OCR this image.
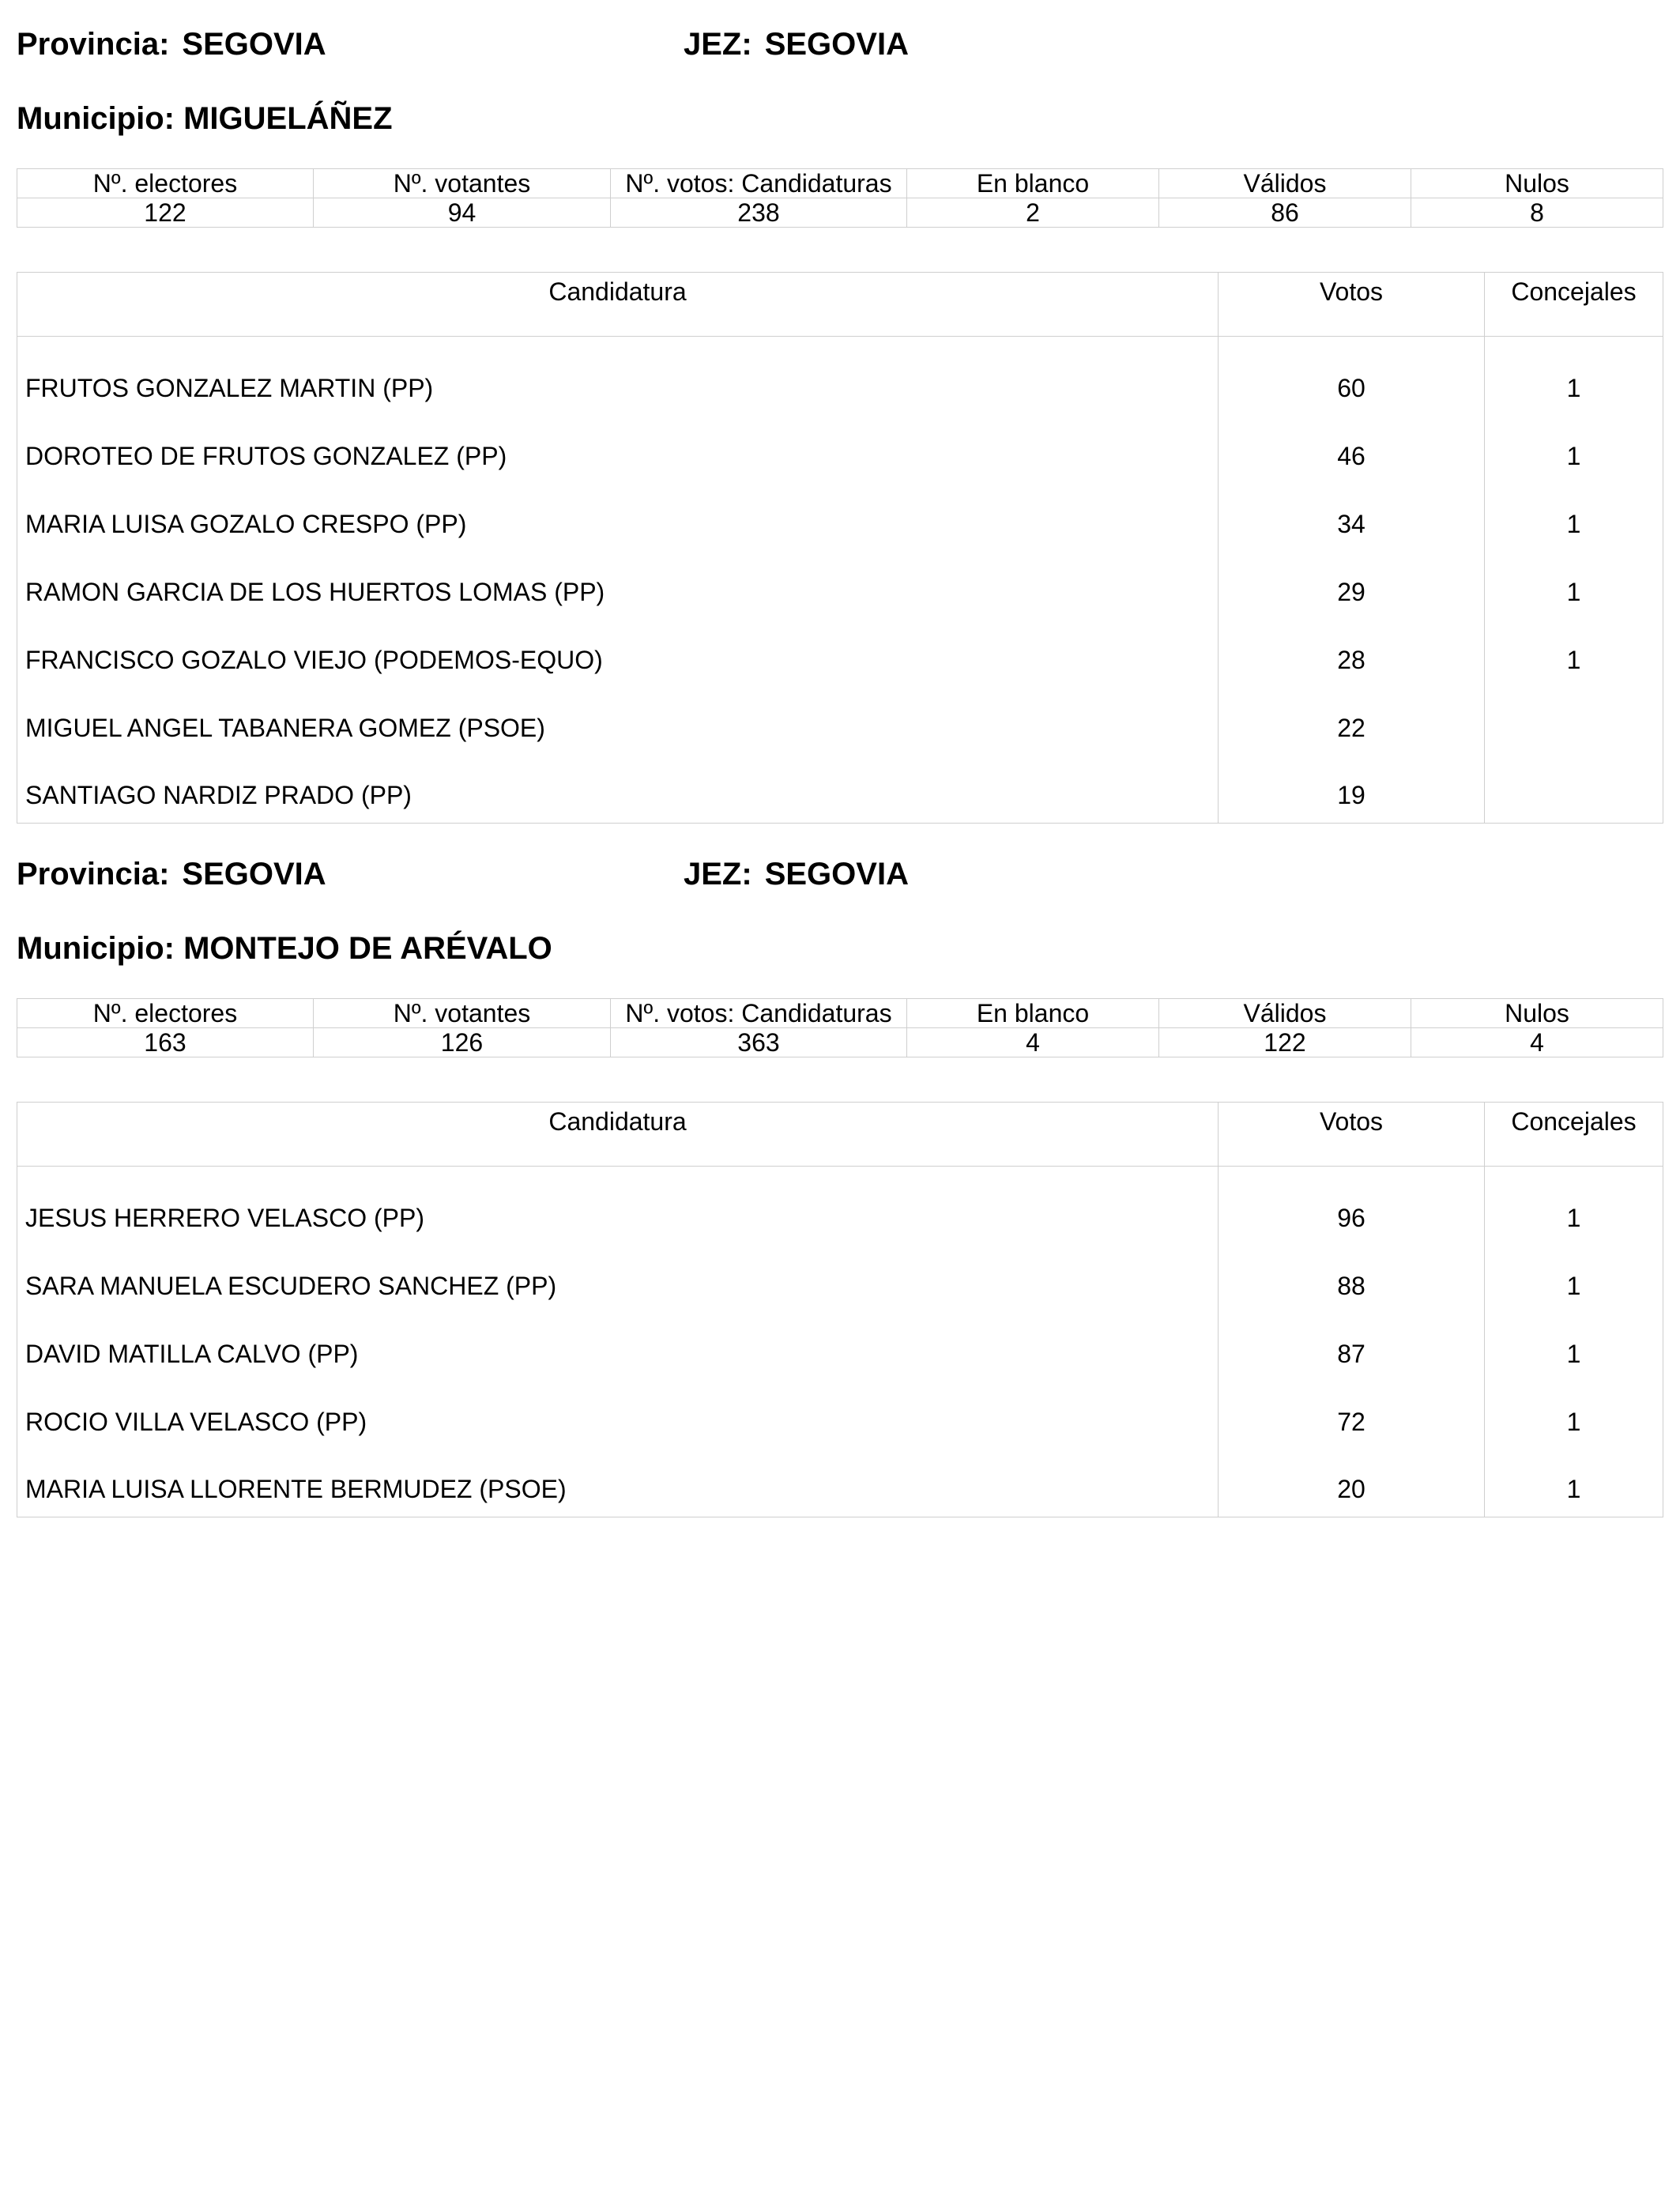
Provincia: SEGOVIA	JEZ: SEGOVIA
Municipio: MIGUELÁÑEZ
Nº. electores	Nº. votantes	Nº. votos: Candidaturas	En blanco	Válidos	Nulos
122	94	238	2	86	8
Candidatura	Votos	Concejales
FRUTOS GONZALEZ MARTIN (PP)	60	1
DOROTEO DE FRUTOS GONZALEZ (PP)	46	1
MARIA LUISA GOZALO CRESPO (PP)	34	1
RAMON GARCIA DE LOS HUERTOS LOMAS (PP)	29	1
FRANCISCO GOZALO VIEJO (PODEMOS-EQUO)	28	1
MIGUEL ANGEL TABANERA GOMEZ (PSOE)	22	
SANTIAGO NARDIZ PRADO (PP)	19	
Provincia: SEGOVIA	JEZ: SEGOVIA
Municipio: MONTEJO DE ARÉVALO
Nº. electores	Nº. votantes	Nº. votos: Candidaturas	En blanco	Válidos	Nulos
163	126	363	4	122	4
Candidatura	Votos	Concejales
JESUS HERRERO VELASCO (PP)	96	1
SARA MANUELA ESCUDERO SANCHEZ (PP)	88	1
DAVID MATILLA CALVO (PP)	87	1
ROCIO VILLA VELASCO (PP)	72	1
MARIA LUISA LLORENTE BERMUDEZ (PSOE)	20	1
